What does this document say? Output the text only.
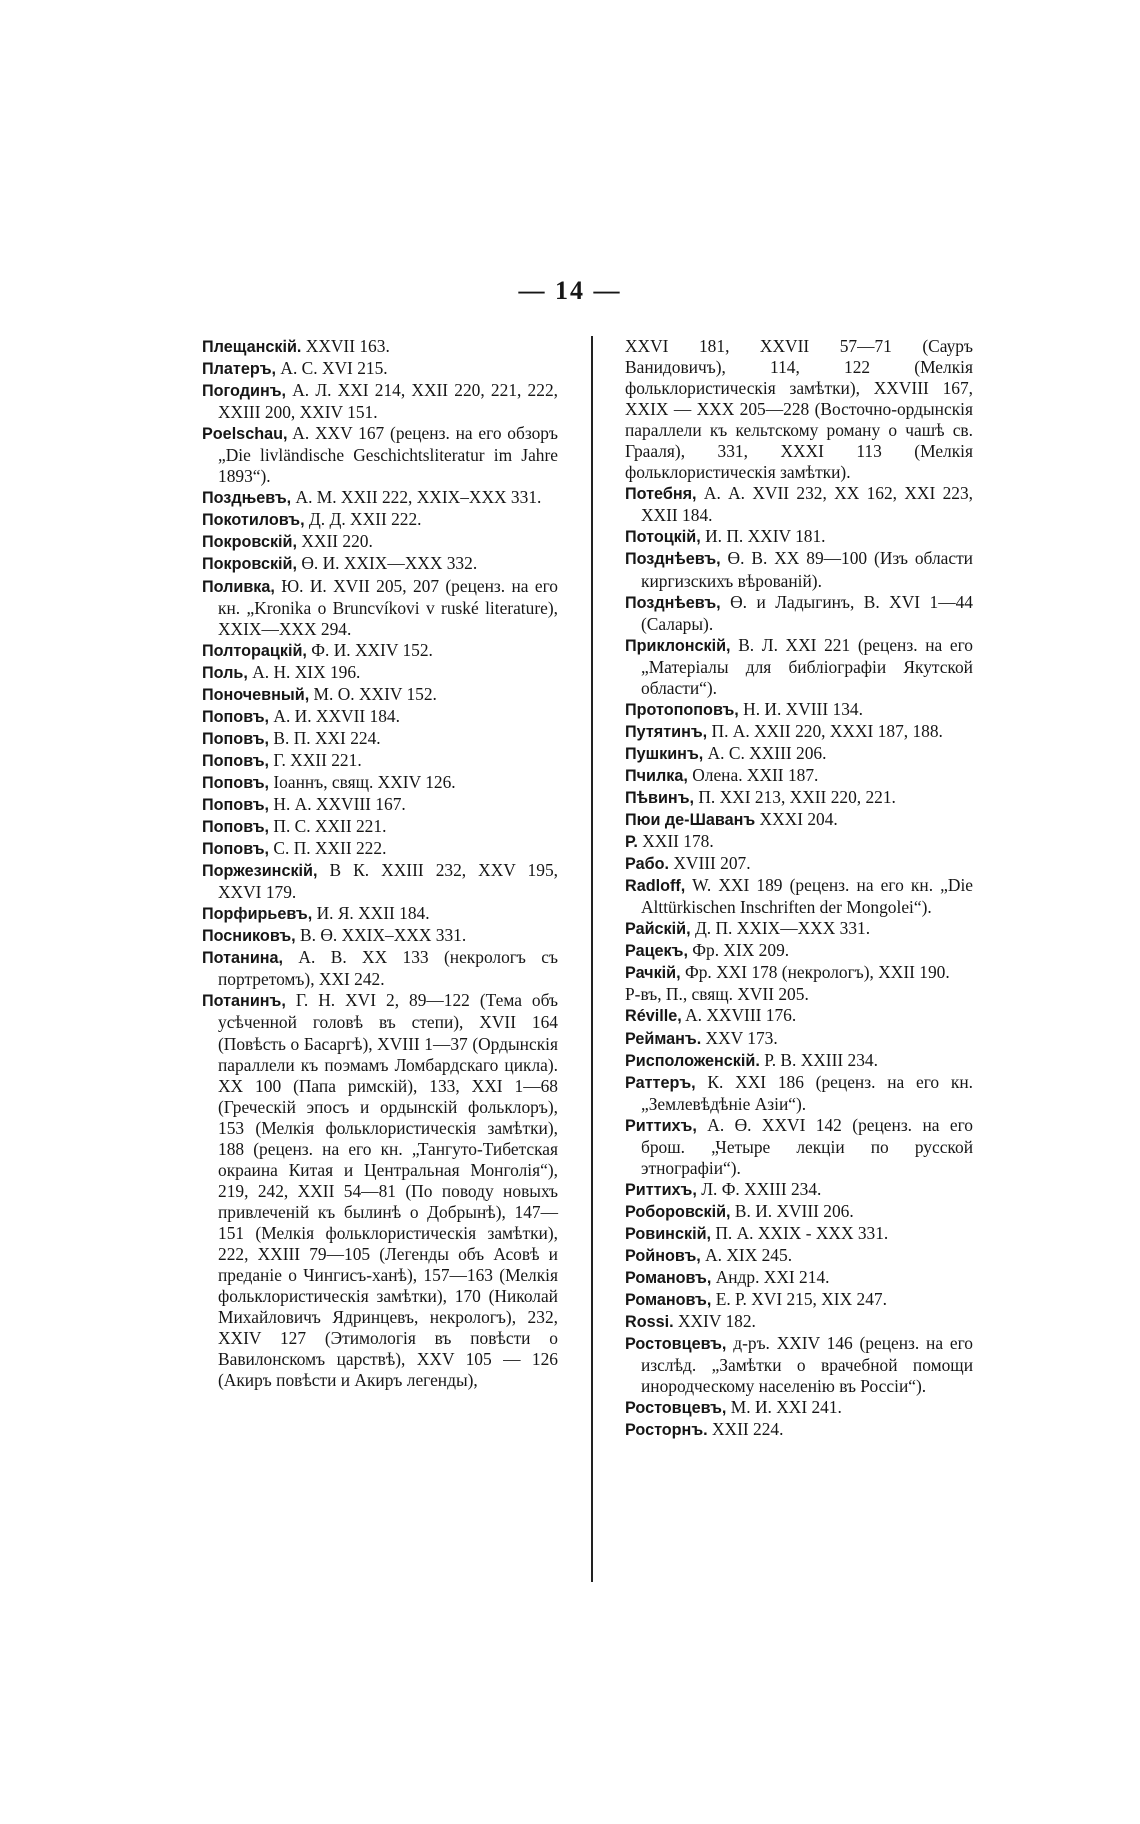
— 14 —

Плещанскій. XXVII 163.

Платеръ, А. С. XVI 215.

Погодинъ, А. Л. XXI 214, XXII 220, 221, 222, XXIII 200, XXIV 151.

Poelschau, A. XXV 167 (реценз. на его обзоръ „Die livländische Geschichtsliteratur im Jahre 1893“).

Поздњевъ, А. М. XXII 222, XXIX–XXX 331.

Покотиловъ, Д. Д. XXII 222.

Покровскій, XXII 220.

Покровскій, Ө. И. XXIX—XXX 332.

Поливка, Ю. И. XVII 205, 207 (реценз. на его кн. „Kronika o Bruncvíkovi v ruské literature), XXIX—XXX 294.

Полторацкій, Ф. И. XXIV 152.

Поль, А. Н. XIX 196.

Поночевный, М. О. XXIV 152.

Поповъ, А. И. XXVII 184.

Поповъ, В. П. XXI 224.

Поповъ, Г. XXII 221.

Поповъ, Іоаннъ, свящ. XXIV 126.

Поповъ, Н. А. XXVIII 167.

Поповъ, П. С. XXII 221.

Поповъ, С. П. XXII 222.

Пoржeзинскій, В К. XXIII 232, XXV 195, XXVI 179.

Порфирьевъ, И. Я. XXII 184.

Посниковъ, В. Ө. XXIX–XXX 331.

Потанина, А. В. XX 133 (некрологъ съ портретомъ), XXI 242.

Потанинъ, Г. Н. XVI 2, 89—122 (Тема объ усѣченной головѣ въ степи), XVII 164 (Повѣсть о Басаргѣ), XVIII 1—37 (Ордынскія параллели къ поэмамъ Ломбардскаго цикла). XX 100 (Папа римскій), 133, XXI 1—68 (Греческій эпосъ и ордынскій фольклоръ), 153 (Мелкія фольклористическія замѣтки), 188 (реценз. на его кн. „Тангуто-Тибетская окраина Китая и Центральная Монголія“), 219, 242, XXII 54—81 (По поводу новыхъ привлеченій къ былинѣ о Добрынѣ), 147—151 (Мелкія фольклористическія замѣтки), 222, XXIII 79—105 (Легенды объ Асовѣ и преданіе о Чингисъ-ханѣ), 157—163 (Мелкія фольклористическія замѣтки), 170 (Николай Михайловичъ Ядринцевъ, некрологъ), 232, XXIV 127 (Этимологія въ повѣсти о Вавилонскомъ царствѣ), XXV 105 — 126 (Акиръ повѣсти и Акиръ легенды),

XXVI 181, XXVII 57—71 (Сауръ Ванидовичъ), 114, 122 (Мелкія фольклористическія замѣтки), XXVIII 167, XXIX — XXX 205—228 (Восточно-ордынскія параллели къ кельтскому роману о чашѣ св. Грааля), 331, XXXI 113 (Мелкія фольклористическія замѣтки).

Потебня, А. А. XVII 232, XX 162, XXI 223, XXII 184.

Потоцкій, И. П. XXIV 181.

Позднѣевъ, Ө. В. XX 89—100 (Изъ области киргизскихъ вѣрованій).

Позднѣевъ, Ө. и Ладыгинъ, В. XVI 1—44 (Салары).

Приклонскій, В. Л. XXI 221 (реценз. на его „Матеріалы для библіографіи Якутской области“).

Протопоповъ, Н. И. XVIII 134.

Путятинъ, П. А. XXII 220, XXXI 187, 188.

Пушкинъ, А. С. XXIII 206.

Пчилка, Олена. XXII 187.

Пѣвинъ, П. XXI 213, XXII 220, 221.

Пюи де-Шаванъ XXXI 204.

Р. XXII 178.

Рабо. XVIII 207.

Radloff, W. XXI 189 (реценз. на его кн. „Die Alttürkischen Inschriften der Mongolei“).

Райскій, Д. П. XXIX—XXX 331.

Рацекъ, Фр. XIX 209.

Рачкій, Фр. XXI 178 (некрологъ), XXII 190.

Р-въ, П., свящ. XVII 205.

Réville, A. XXVIII 176.

Рейманъ. XXV 173.

Рисположенскій. Р. В. XXIII 234.

Раттеръ, К. XXI 186 (реценз. на его кн. „Землевѣдѣніе Азіи“).

Риттихъ, А. Ө. XXVI 142 (реценз. на его брош. „Четыре лекціи по русской этнографіи“).

Риттихъ, Л. Ф. XXIII 234.

Роборовскій, В. И. XVIII 206.

Ровинскій, П. А. XXIX - XXX 331.

Ройновъ, А. XIX 245.

Романовъ, Андр. XXI 214.

Романовъ, Е. Р. XVI 215, XIX 247.

Rossi. XXIV 182.

Ростовцевъ, д-ръ. XXIV 146 (реценз. на его изслѣд. „Замѣтки о врачебной помощи инородческому населенію въ Россіи“).

Ростовцевъ, М. И. XXI 241.

Росторнъ. XXII 224.
